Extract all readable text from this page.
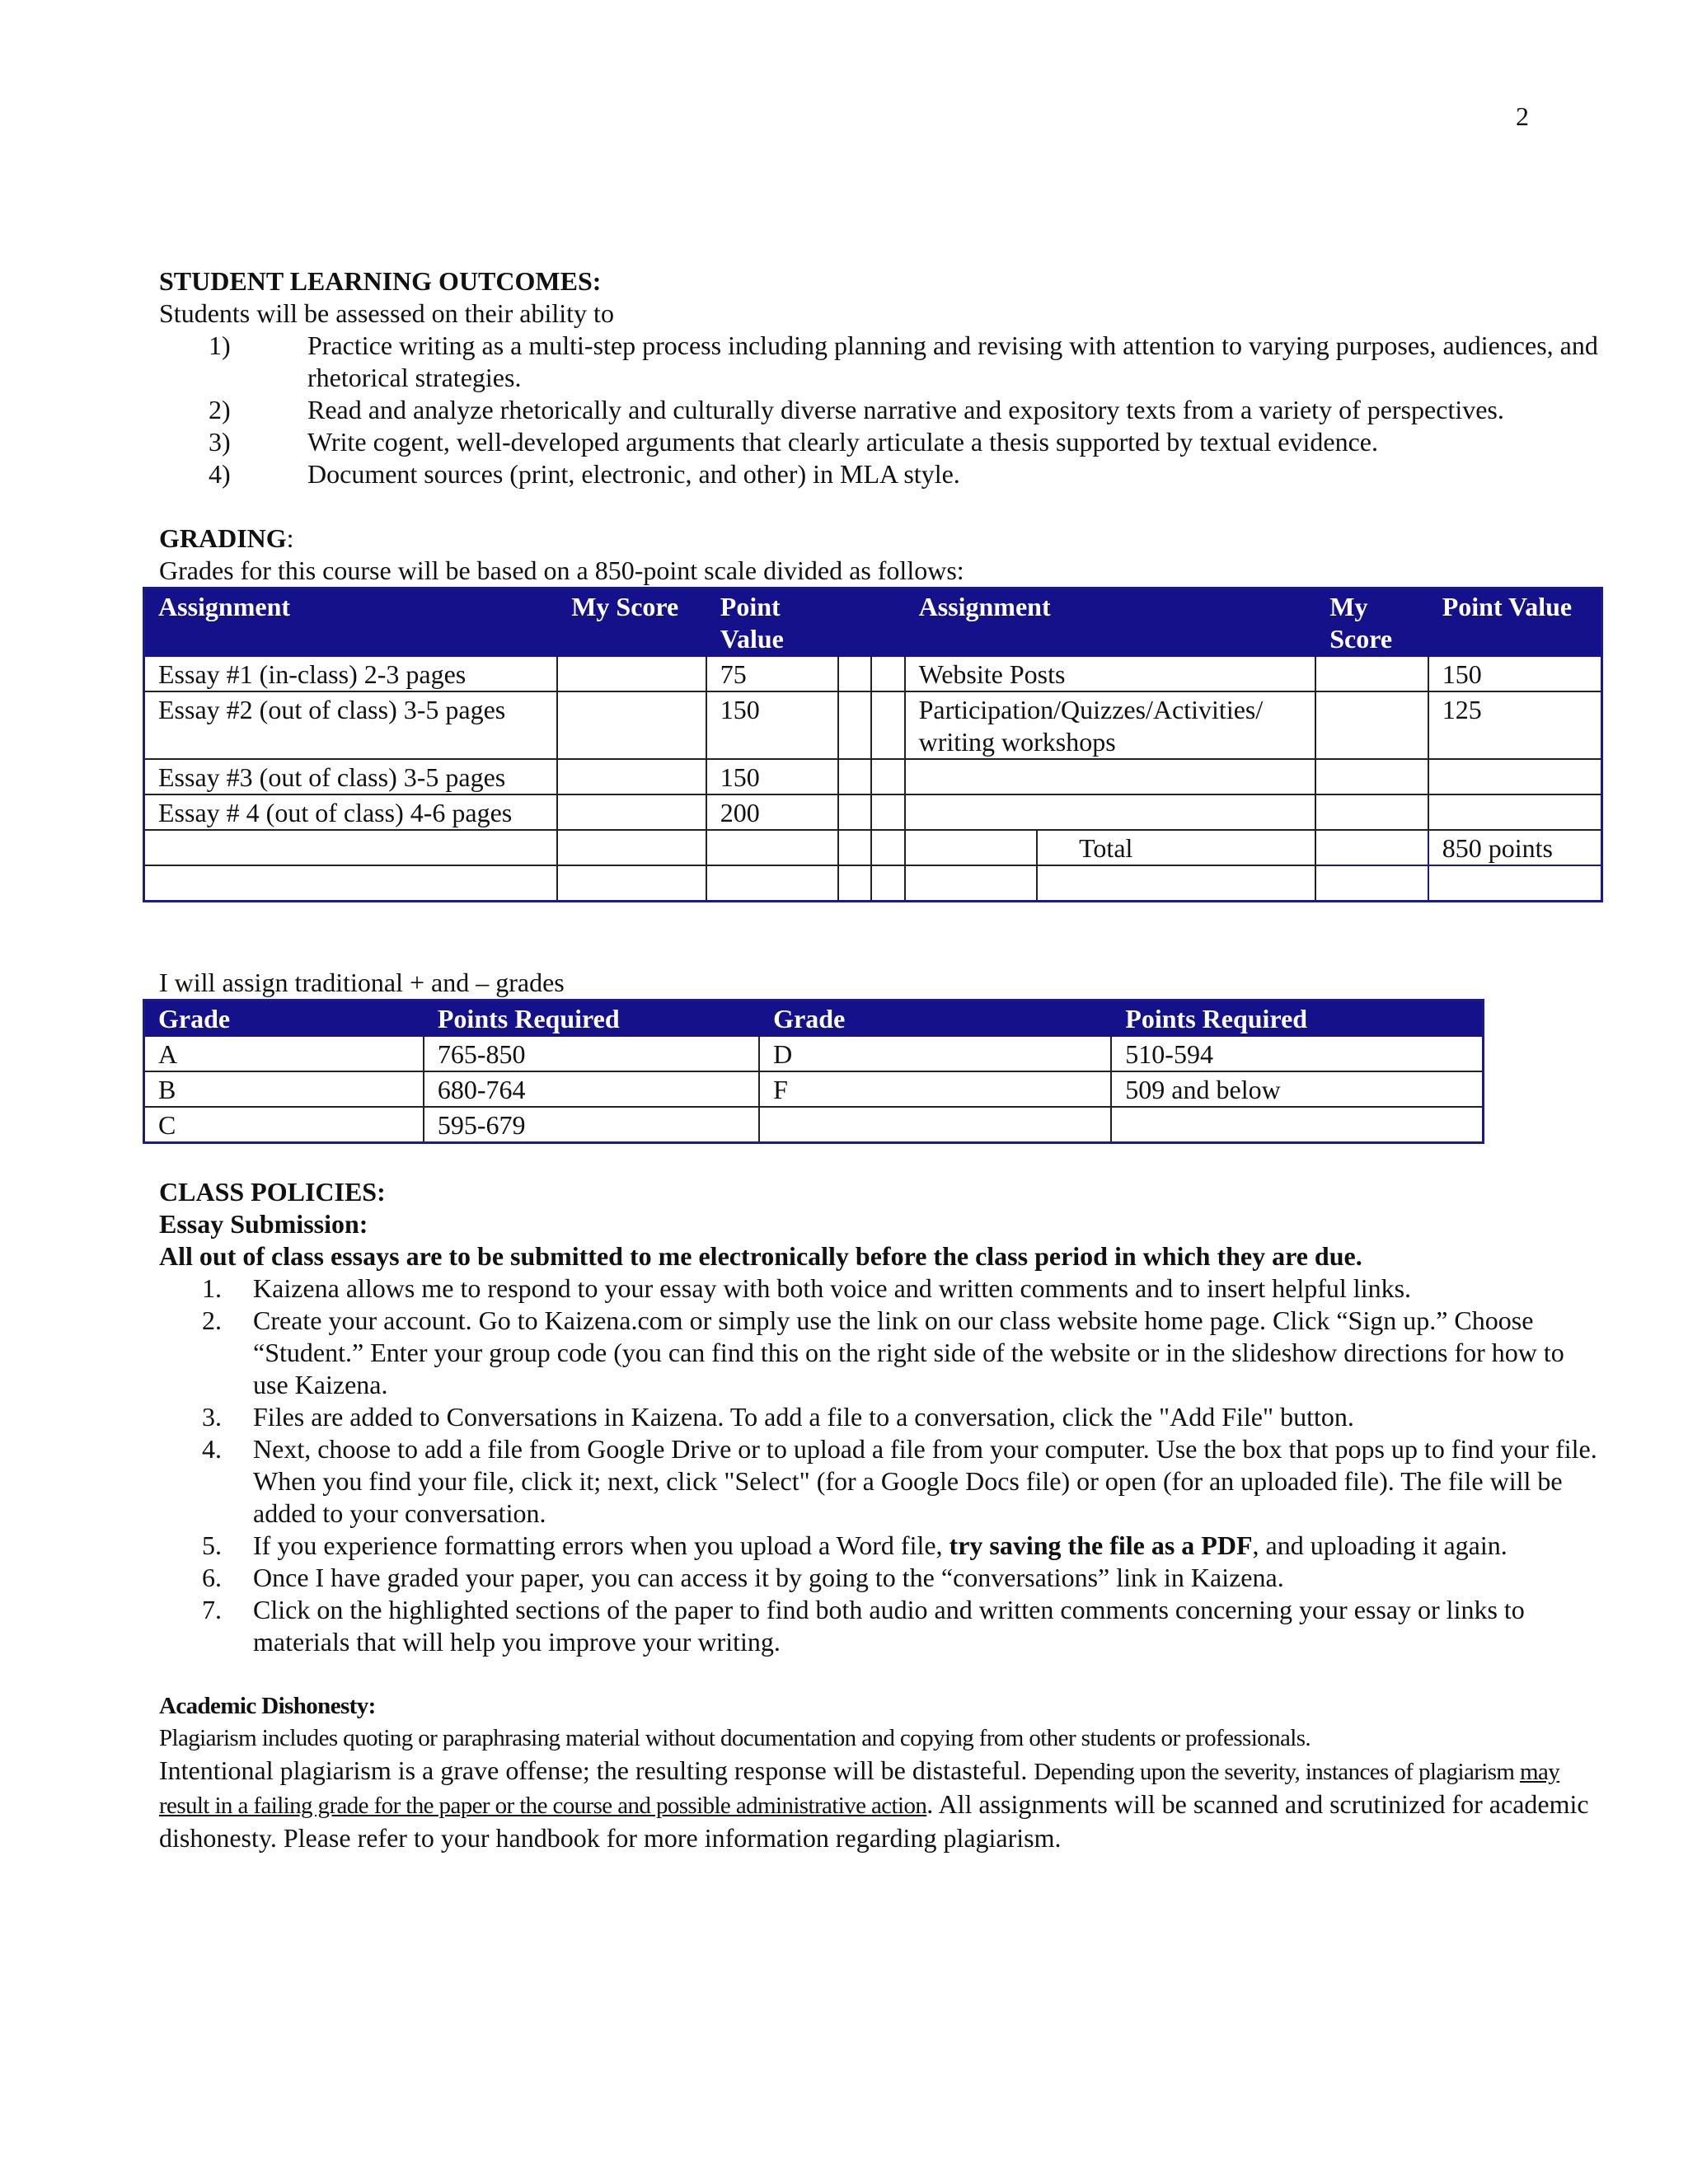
2

STUDENT LEARNING OUTCOMES:

Students will be assessed on their ability to

1)	Practice writing as a multi-step process including planning and revising with attention to varying purposes, audiences, and rhetorical strategies.
2)	Read and analyze rhetorically and culturally diverse narrative and expository texts from a variety of perspectives.
3)	Write cogent, well-developed arguments that clearly articulate a thesis supported by textual evidence.
4)	Document sources (print, electronic, and other) in MLA style.

GRADING:

Grades for this course will be based on a 850-point scale divided as follows:

Assignment	My Score	Point Value			Assignment		My Score	Point Value
Essay #1 (in-class) 2-3 pages		75			Website Posts			150
Essay #2 (out of class) 3-5 pages		150			Participation/Quizzes/Activities/ writing workshops			125
Essay #3 (out of class) 3-5 pages		150						
Essay # 4 (out of class) 4-6 pages		200						
						Total		850 points

I will assign traditional + and – grades

Grade	Points Required	Grade	Points Required
A	765-850	D	510-594
B	680-764	F	509 and below
C	595-679		

CLASS POLICIES:

Essay Submission:

All out of class essays are to be submitted to me electronically before the class period in which they are due.

1.	Kaizena allows me to respond to your essay with both voice and written comments and to insert helpful links.
2.	Create your account. Go to Kaizena.com or simply use the link on our class website home page. Click “Sign up.” Choose “Student.” Enter your group code (you can find this on the right side of the website or in the slideshow directions for how to use Kaizena.
3.	Files are added to Conversations in Kaizena. To add a file to a conversation, click the "Add File" button.
4.	Next, choose to add a file from Google Drive or to upload a file from your computer. Use the box that pops up to find your file. When you find your file, click it; next, click "Select" (for a Google Docs file) or open (for an uploaded file). The file will be added to your conversation.
5.	If you experience formatting errors when you upload a Word file, try saving the file as a PDF, and uploading it again.
6.	Once I have graded your paper, you can access it by going to the “conversations” link in Kaizena.
7.	Click on the highlighted sections of the paper to find both audio and written comments concerning your essay or links to materials that will help you improve your writing.

Academic Dishonesty:

Plagiarism includes quoting or paraphrasing material without documentation and copying from other students or professionals.

Intentional plagiarism is a grave offense; the resulting response will be distasteful. Depending upon the severity, instances of plagiarism may result in a failing grade for the paper or the course and possible administrative action. All assignments will be scanned and scrutinized for academic dishonesty. Please refer to your handbook for more information regarding plagiarism.
